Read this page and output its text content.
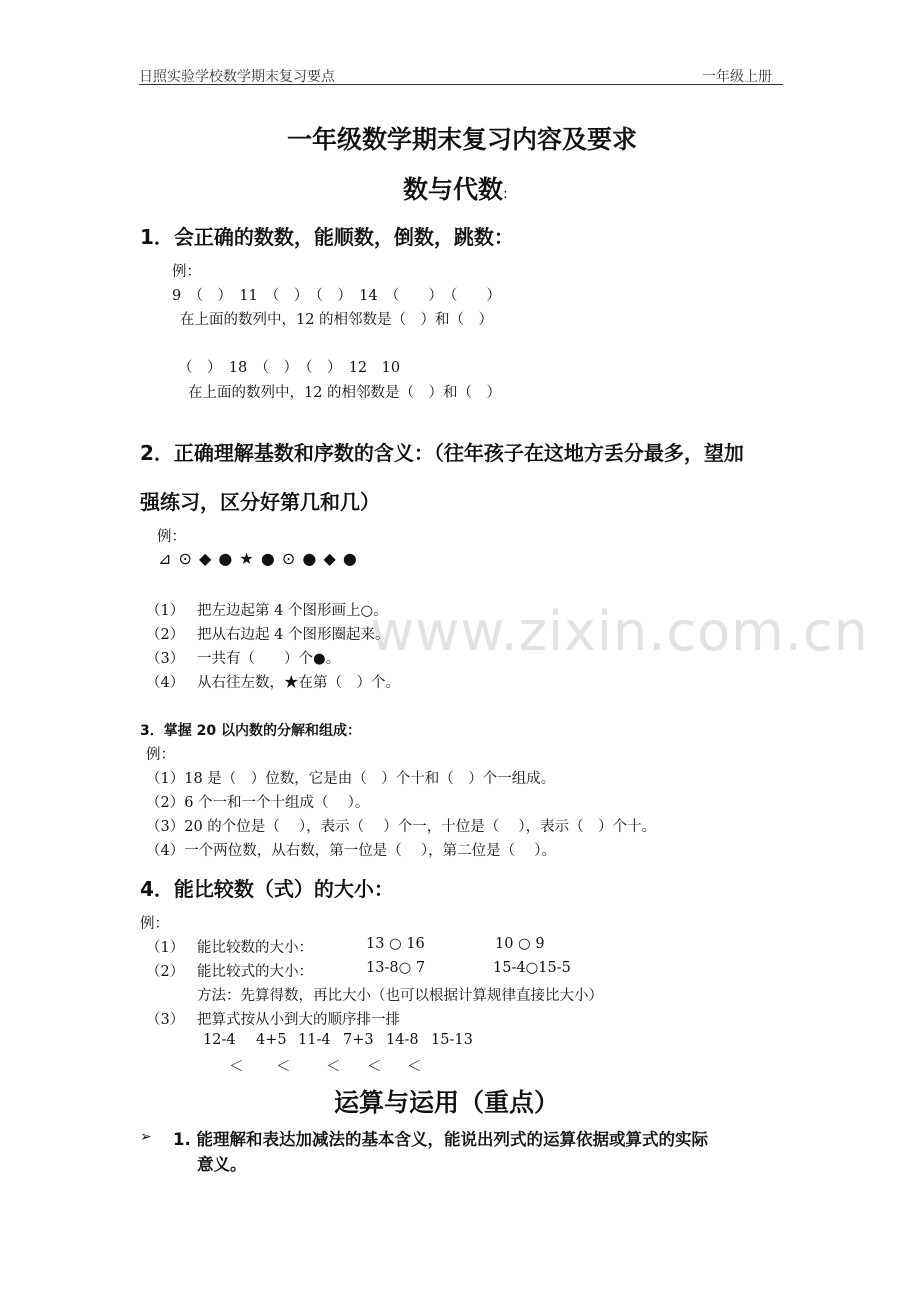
日照实验学校数学期末复习要点	一年级上册
www.zixin.com.cn
一年级数学期末复习内容及要求
数与代数:
1．会正确的数数，能顺数，倒数，跳数：
例：
9　（　）　11　（　）　（　）　14　（　　）　（　　）
在上面的数列中，12 的相邻数是（　）和（　）
（　）　18　（　）　（　）　12　10
在上面的数列中，12 的相邻数是（　）和（　）
2．正确理解基数和序数的含义：（往年孩子在这地方丢分最多，望加
强练习，区分好第几和几）
例：
⊿ ⊙ ◆ ● ★ ● ⊙ ● ◆ ●
（1） 把左边起第 4 个图形画上○。
（2） 把从右边起 4 个图形圈起来。
（3） 一共有（　　）个●。
（4） 从右往左数，★在第（　）个。
3．掌握 20 以内数的分解和组成：
例：
（1）18 是（　）位数，它是由（　）个十和（　）个一组成。
（2）6 个一和一个十组成（　 ）。
（3）20 的个位是（　 ），表示（　 ）个一，十位是（　 ），表示（　）个十。
（4）一个两位数，从右数，第一位是（　 ），第二位是（　 ）。
4．能比较数（式）的大小：
例：
（1） 能比较数的大小：	13 ○ 16	10 ○ 9
（2） 能比较式的大小：	13-8○ 7	15-4○15-5
方法：先算得数，再比大小（也可以根据计算规律直接比大小）
（3） 把算式按从小到大的顺序排一排
12-4 4+5 11-4 7+3 14-8 15-13
＜ ＜ ＜ ＜ ＜
运算与运用（重点）
➢ 1. 能理解和表达加减法的基本含义，能说出列式的运算依据或算式的实际
意义。
